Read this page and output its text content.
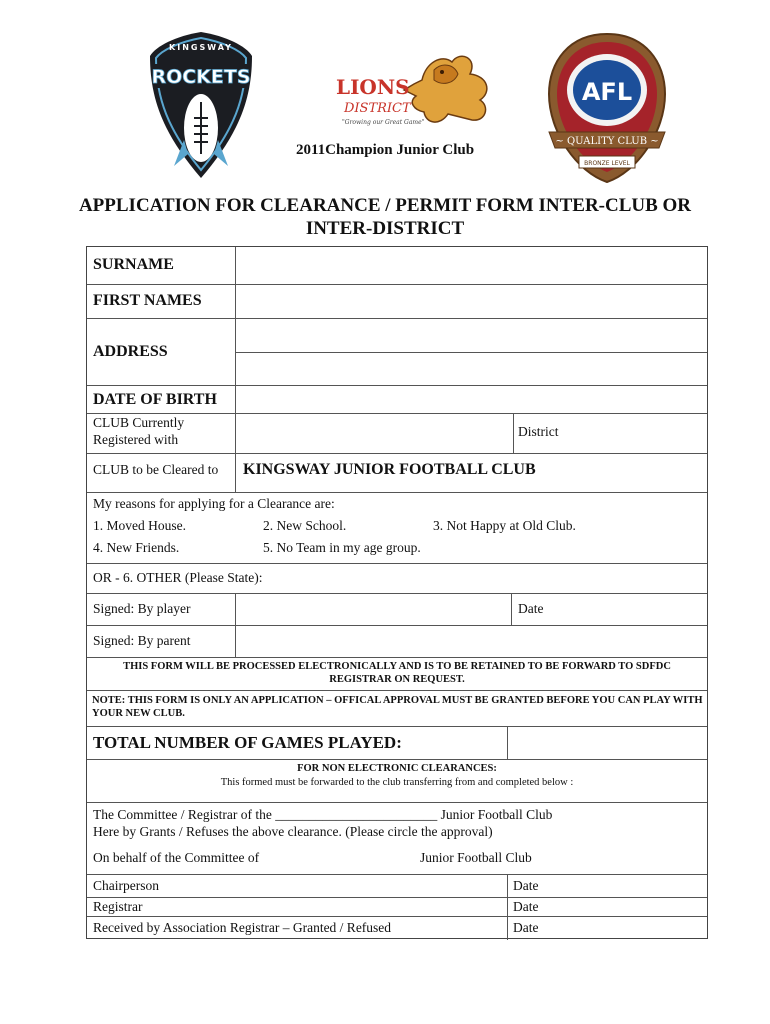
KINGSWAY
ROCKETS	LIONS
DISTRICT
"Growing our Great Game"
AFL
~ QUALITY CLUB ~
BRONZE LEVEL
2011Champion Junior Club
APPLICATION FOR CLEARANCE / PERMIT FORM INTER-CLUB OR INTER-DISTRICT
SURNAME
FIRST NAMES
ADDRESS
DATE OF BIRTH
CLUB Currently
Registered with
District
CLUB to be Cleared to KINGSWAY JUNIOR FOOTBALL CLUB
My reasons for applying for a Clearance are:
1. Moved House.	2. New School.	3. Not Happy at Old Club.
4. New Friends.	5. No Team in my age group.
OR - 6. OTHER (Please State):
Signed: By player	Date
Signed: By parent
THIS FORM WILL BE PROCESSED ELECTRONICALLY AND IS TO BE RETAINED TO BE FORWARD TO SDFDC REGISTRAR ON REQUEST.
NOTE: THIS FORM IS ONLY AN APPLICATION – OFFICAL APPROVAL MUST BE GRANTED BEFORE YOU CAN PLAY WITH YOUR NEW CLUB.
TOTAL NUMBER OF GAMES PLAYED:
FOR NON ELECTRONIC CLEARANCES:
This formed must be forwarded to the club transferring from and completed below :
The Committee / Registrar of the ________________________ Junior Football Club
Here by Grants / Refuses the above clearance. (Please circle the approval)
On behalf of the Committee of	Junior Football Club
Chairperson	Date
Registrar	Date
Received by Association Registrar – Granted / Refused	Date
